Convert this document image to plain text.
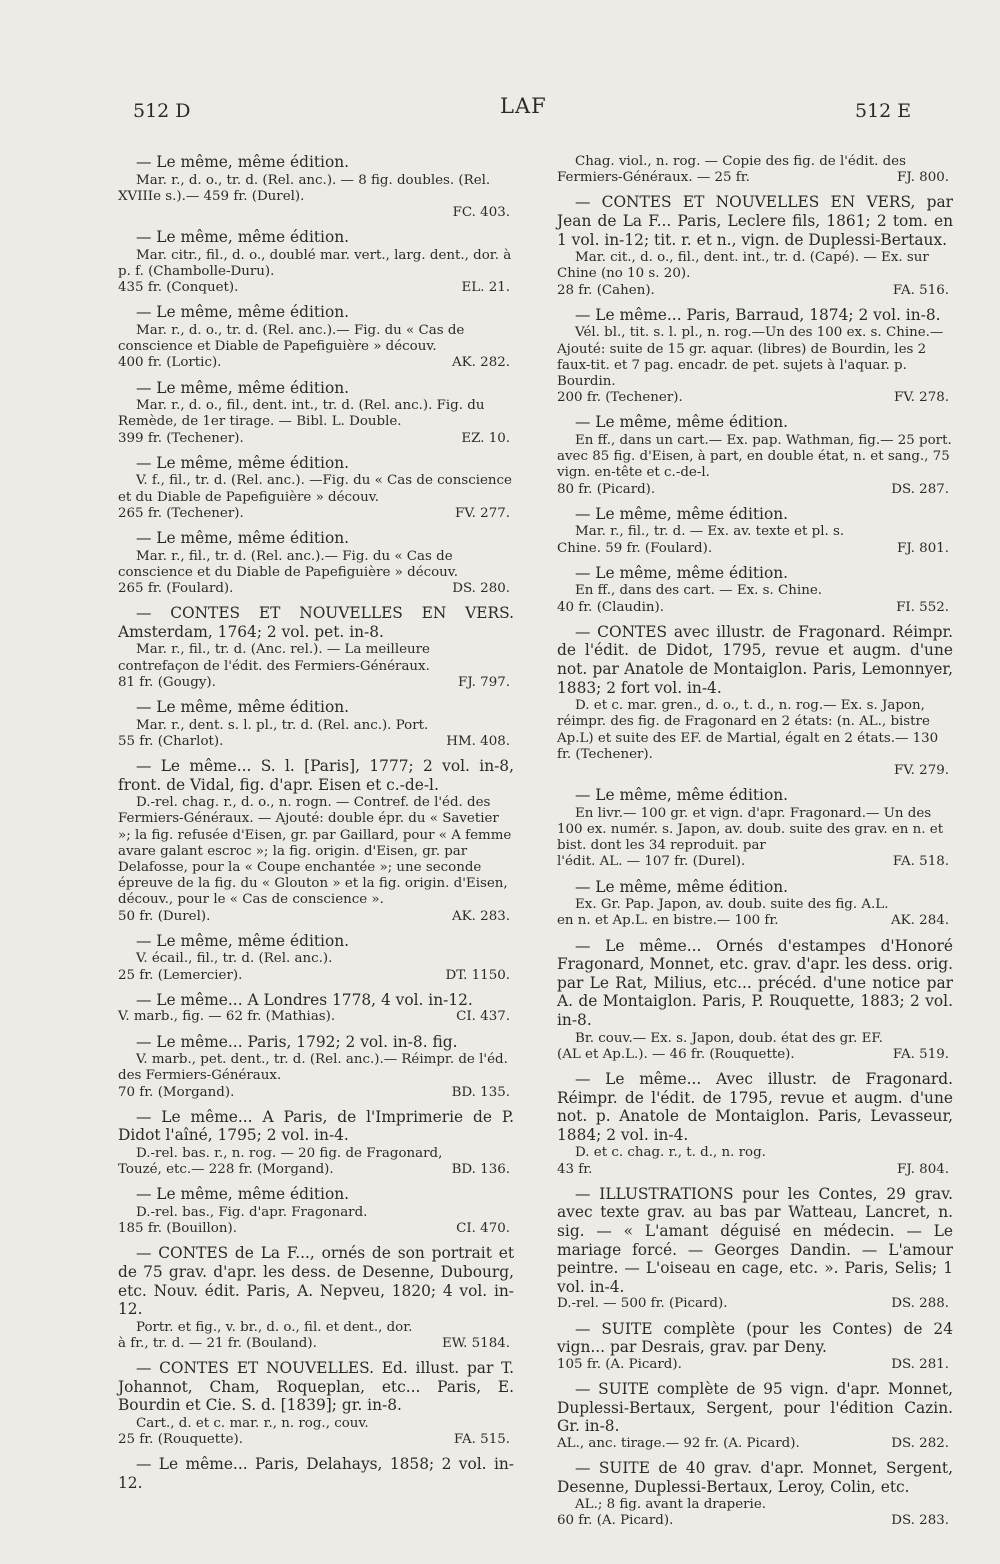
512 D	LAF	512 E
— Le même, même édition.
Mar. r., d. o., tr. d. (Rel. anc.). — 8 fig. doubles. (Rel. XVIIIe s.).— 459 fr. (Durel).
FC. 403.
— Le même, même édition.
Mar. citr., fil., d. o., doublé mar. vert., larg. dent., dor. à p. f. (Chambolle-Duru).
435 fr. (Conquet).	EL. 21.
— Le même, même édition.
Mar. r., d. o., tr. d. (Rel. anc.).— Fig. du « Cas de conscience et Diable de Papefiguière » découv.
400 fr. (Lortic).	AK. 282.
— Le même, même édition.
Mar. r., d. o., fil., dent. int., tr. d. (Rel. anc.). Fig. du Remède, de 1er tirage. — Bibl. L. Double.
399 fr. (Techener).	EZ. 10.
— Le même, même édition.
V. f., fil., tr. d. (Rel. anc.). —Fig. du « Cas de conscience et du Diable de Papefiguière » découv.
265 fr. (Techener).	FV. 277.
— Le même, même édition.
Mar. r., fil., tr. d. (Rel. anc.).— Fig. du « Cas de conscience et du Diable de Papefiguière » découv.
265 fr. (Foulard).	DS. 280.
— CONTES ET NOUVELLES EN VERS. Amsterdam, 1764; 2 vol. pet. in-8.
Mar. r., fil., tr. d. (Anc. rel.). — La meilleure contrefaçon de l'édit. des Fermiers-Généraux.
81 fr. (Gougy).	FJ. 797.
— Le même, même édition.
Mar. r., dent. s. l. pl., tr. d. (Rel. anc.). Port.
55 fr. (Charlot).	HM. 408.
— Le même... S. l. [Paris], 1777; 2 vol. in-8, front. de Vidal, fig. d'apr. Eisen et c.-de-l.
D.-rel. chag. r., d. o., n. rogn. — Contref. de l'éd. des Fermiers-Généraux. — Ajouté: double épr. du « Savetier »; la fig. refusée d'Eisen, gr. par Gaillard, pour « A femme avare galant escroc »; la fig. origin. d'Eisen, gr. par Delafosse, pour la « Coupe enchantée »; une seconde épreuve de la fig. du « Glouton » et la fig. origin. d'Eisen, découv., pour le « Cas de conscience ».
50 fr. (Durel).	AK. 283.
— Le même, même édition.
V. écail., fil., tr. d. (Rel. anc.).
25 fr. (Lemercier).	DT. 1150.
— Le même... A Londres 1778, 4 vol. in-12.
V. marb., fig. — 62 fr. (Mathias).	CI. 437.
— Le même... Paris, 1792; 2 vol. in-8. fig.
V. marb., pet. dent., tr. d. (Rel. anc.).— Réimpr. de l'éd. des Fermiers-Généraux.
70 fr. (Morgand).	BD. 135.
— Le même... A Paris, de l'Imprimerie de P. Didot l'aîné, 1795; 2 vol. in-4.
D.-rel. bas. r., n. rog. — 20 fig. de Fragonard,
Touzé, etc.— 228 fr. (Morgand).	BD. 136.
— Le même, même édition.
D.-rel. bas., Fig. d'apr. Fragonard.
185 fr. (Bouillon).	CI. 470.
— CONTES de La F..., ornés de son portrait et de 75 grav. d'apr. les dess. de Desenne, Dubourg, etc. Nouv. édit. Paris, A. Nepveu, 1820; 4 vol. in-12.
Portr. et fig., v. br., d. o., fil. et dent., dor.
à fr., tr. d. — 21 fr. (Bouland).	EW. 5184.
— CONTES ET NOUVELLES. Ed. illust. par T. Johannot, Cham, Roqueplan, etc... Paris, E. Bourdin et Cie. S. d. [1839]; gr. in-8.
Cart., d. et c. mar. r., n. rog., couv.
25 fr. (Rouquette).	FA. 515.
— Le même... Paris, Delahays, 1858; 2 vol. in-12.
Chag. viol., n. rog. — Copie des fig. de l'édit. des
Fermiers-Généraux. — 25 fr.	FJ. 800.
— CONTES ET NOUVELLES EN VERS, par Jean de La F... Paris, Leclere fils, 1861; 2 tom. en 1 vol. in-12; tit. r. et n., vign. de Duplessi-Bertaux.
Mar. cit., d. o., fil., dent. int., tr. d. (Capé). — Ex. sur Chine (no 10 s. 20).
28 fr. (Cahen).	FA. 516.
— Le même... Paris, Barraud, 1874; 2 vol. in-8.
Vél. bl., tit. s. l. pl., n. rog.—Un des 100 ex. s. Chine.— Ajouté: suite de 15 gr. aquar. (libres) de Bourdin, les 2 faux-tit. et 7 pag. encadr. de pet. sujets à l'aquar. p. Bourdin.
200 fr. (Techener).	FV. 278.
— Le même, même édition.
En ff., dans un cart.— Ex. pap. Wathman, fig.— 25 port. avec 85 fig. d'Eisen, à part, en double état, n. et sang., 75 vign. en-tête et c.-de-l.
80 fr. (Picard).	DS. 287.
— Le même, même édition.
Mar. r., fil., tr. d. — Ex. av. texte et pl. s.
Chine. 59 fr. (Foulard).	FJ. 801.
— Le même, même édition.
En ff., dans des cart. — Ex. s. Chine.
40 fr. (Claudin).	FI. 552.
— CONTES avec illustr. de Fragonard. Réimpr. de l'édit. de Didot, 1795, revue et augm. d'une not. par Anatole de Montaiglon. Paris, Lemonnyer, 1883; 2 fort vol. in-4.
D. et c. mar. gren., d. o., t. d., n. rog.— Ex. s. Japon, réimpr. des fig. de Fragonard en 2 états: (n. AL., bistre Ap.L) et suite des EF. de Martial, égalt en 2 états.— 130 fr. (Techener).
FV. 279.
— Le même, même édition.
En livr.— 100 gr. et vign. d'apr. Fragonard.— Un des 100 ex. numér. s. Japon, av. doub. suite des grav. en n. et bist. dont les 34 reproduit. par
l'édit. AL. — 107 fr. (Durel).	FA. 518.
— Le même, même édition.
Ex. Gr. Pap. Japon, av. doub. suite des fig. A.L.
en n. et Ap.L. en bistre.— 100 fr.	AK. 284.
— Le même... Ornés d'estampes d'Honoré Fragonard, Monnet, etc. grav. d'apr. les dess. orig. par Le Rat, Milius, etc... précéd. d'une notice par A. de Montaiglon. Paris, P. Rouquette, 1883; 2 vol. in-8.
Br. couv.— Ex. s. Japon, doub. état des gr. EF.
(AL et Ap.L.). — 46 fr. (Rouquette).	FA. 519.
— Le même... Avec illustr. de Fragonard. Réimpr. de l'édit. de 1795, revue et augm. d'une not. p. Anatole de Montaiglon. Paris, Levasseur, 1884; 2 vol. in-4.
D. et c. chag. r., t. d., n. rog.
43 fr.	FJ. 804.
— ILLUSTRATIONS pour les Contes, 29 grav. avec texte grav. au bas par Watteau, Lancret, n. sig. — « L'amant déguisé en médecin. — Le mariage forcé. — Georges Dandin. — L'amour peintre. — L'oiseau en cage, etc. ». Paris, Selis; 1 vol. in-4.
D.-rel. — 500 fr. (Picard).	DS. 288.
— SUITE complète (pour les Contes) de 24 vign... par Desrais, grav. par Deny.
105 fr. (A. Picard).	DS. 281.
— SUITE complète de 95 vign. d'apr. Monnet, Duplessi-Bertaux, Sergent, pour l'édition Cazin. Gr. in-8.
AL., anc. tirage.— 92 fr. (A. Picard).	DS. 282.
— SUITE de 40 grav. d'apr. Monnet, Sergent, Desenne, Duplessi-Bertaux, Leroy, Colin, etc.
AL.; 8 fig. avant la draperie.
60 fr. (A. Picard).	DS. 283.
